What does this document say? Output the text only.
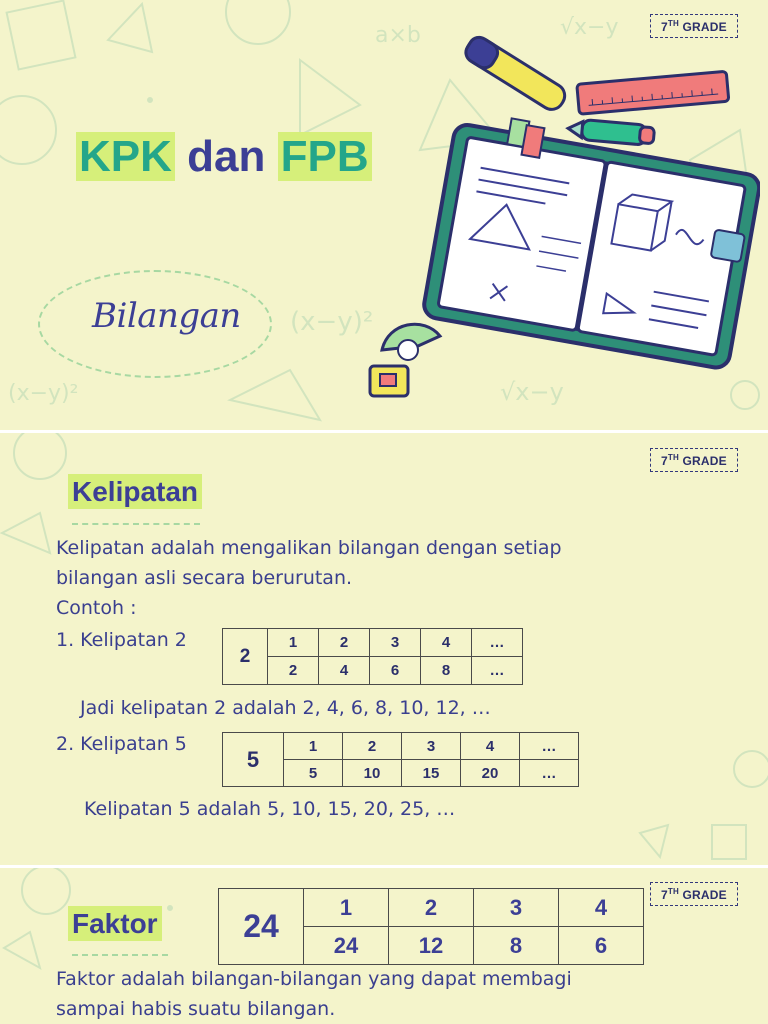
a×b	√x−y
(x−y)²
(x−y)²	√x−y
7TH GRADE
KPK dan FPB
Bilangan
7TH GRADE
Kelipatan

Kelipatan adalah mengalikan bilangan dengan setiap

bilangan asli secara berurutan.

Contoh :

1. Kelipatan 2

2	1	2	3	4	…
	2	4	6	8	…

Jadi kelipatan 2 adalah 2, 4, 6, 8, 10, 12, …

2. Kelipatan 5

5	1	2	3	4	…
	5	10	15	20	…

Kelipatan 5 adalah 5, 10, 15, 20, 25, …

7TH GRADE
Faktor	24	1	2	3	4
	24	12	8	6

Faktor adalah bilangan-bilangan yang dapat membagi

sampai habis suatu bilangan.
